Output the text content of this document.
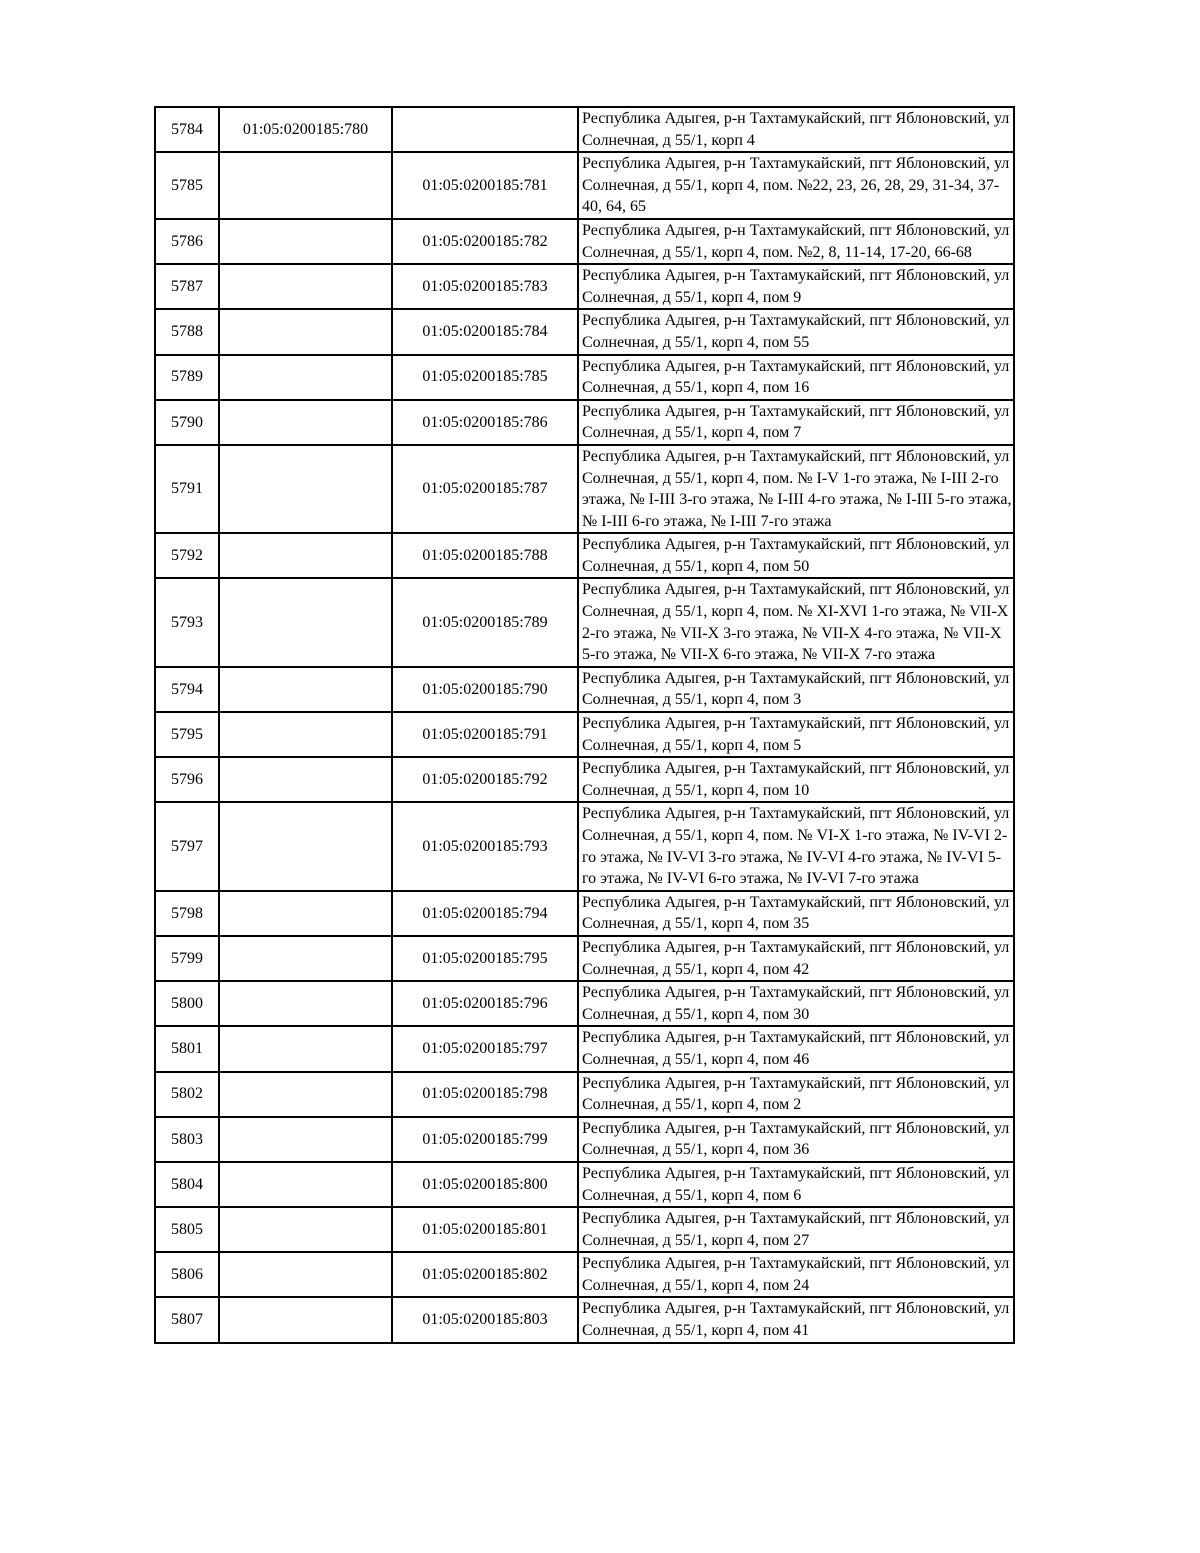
5784	01:05:0200185:780		Республика Адыгея, р-н Тахтамукайский, пгт Яблоновский, ул Солнечная, д 55/1, корп 4
5785		01:05:0200185:781	Республика Адыгея, р-н Тахтамукайский, пгт Яблоновский, ул Солнечная, д 55/1, корп 4, пом. №22, 23, 26, 28, 29, 31-34, 37-40, 64, 65
5786		01:05:0200185:782	Республика Адыгея, р-н Тахтамукайский, пгт Яблоновский, ул Солнечная, д 55/1, корп 4, пом. №2, 8, 11-14, 17-20, 66-68
5787		01:05:0200185:783	Республика Адыгея, р-н Тахтамукайский, пгт Яблоновский, ул Солнечная, д 55/1, корп 4, пом 9
5788		01:05:0200185:784	Республика Адыгея, р-н Тахтамукайский, пгт Яблоновский, ул Солнечная, д 55/1, корп 4, пом 55
5789		01:05:0200185:785	Республика Адыгея, р-н Тахтамукайский, пгт Яблоновский, ул Солнечная, д 55/1, корп 4, пом 16
5790		01:05:0200185:786	Республика Адыгея, р-н Тахтамукайский, пгт Яблоновский, ул Солнечная, д 55/1, корп 4, пом 7
5791		01:05:0200185:787	Республика Адыгея, р-н Тахтамукайский, пгт Яблоновский, ул Солнечная, д 55/1, корп 4, пом. № I-V 1-го этажа, № I-III 2-го этажа, № I-III 3-го этажа, № I-III 4-го этажа, № I-III 5-го этажа,№ I-III 6-го этажа, № I-III 7-го этажа
5792		01:05:0200185:788	Республика Адыгея, р-н Тахтамукайский, пгт Яблоновский, ул Солнечная, д 55/1, корп 4, пом 50
5793		01:05:0200185:789	Республика Адыгея, р-н Тахтамукайский, пгт Яблоновский, ул Солнечная, д 55/1, корп 4, пом. № XI-XVI 1-го этажа, № VII-X 2-го этажа, № VII-X 3-го этажа, № VII-X 4-го этажа, № VII-X 5-го этажа, № VII-X 6-го этажа, № VII-X 7-го этажа
5794		01:05:0200185:790	Республика Адыгея, р-н Тахтамукайский, пгт Яблоновский, ул Солнечная, д 55/1, корп 4, пом 3
5795		01:05:0200185:791	Республика Адыгея, р-н Тахтамукайский, пгт Яблоновский, ул Солнечная, д 55/1, корп 4, пом 5
5796		01:05:0200185:792	Республика Адыгея, р-н Тахтамукайский, пгт Яблоновский, ул Солнечная, д 55/1, корп 4, пом 10
5797		01:05:0200185:793	Республика Адыгея, р-н Тахтамукайский, пгт Яблоновский, ул Солнечная, д 55/1, корп 4, пом. № VI-X 1-го этажа, № IV-VI 2-го этажа, № IV-VI 3-го этажа, № IV-VI 4-го этажа, № IV-VI 5-го этажа, № IV-VI 6-го этажа, № IV-VI 7-го этажа
5798		01:05:0200185:794	Республика Адыгея, р-н Тахтамукайский, пгт Яблоновский, ул Солнечная, д 55/1, корп 4, пом 35
5799		01:05:0200185:795	Республика Адыгея, р-н Тахтамукайский, пгт Яблоновский, ул Солнечная, д 55/1, корп 4, пом 42
5800		01:05:0200185:796	Республика Адыгея, р-н Тахтамукайский, пгт Яблоновский, ул Солнечная, д 55/1, корп 4, пом 30
5801		01:05:0200185:797	Республика Адыгея, р-н Тахтамукайский, пгт Яблоновский, ул Солнечная, д 55/1, корп 4, пом 46
5802		01:05:0200185:798	Республика Адыгея, р-н Тахтамукайский, пгт Яблоновский, ул Солнечная, д 55/1, корп 4, пом 2
5803		01:05:0200185:799	Республика Адыгея, р-н Тахтамукайский, пгт Яблоновский, ул Солнечная, д 55/1, корп 4, пом 36
5804		01:05:0200185:800	Республика Адыгея, р-н Тахтамукайский, пгт Яблоновский, ул Солнечная, д 55/1, корп 4, пом 6
5805		01:05:0200185:801	Республика Адыгея, р-н Тахтамукайский, пгт Яблоновский, ул Солнечная, д 55/1, корп 4, пом 27
5806		01:05:0200185:802	Республика Адыгея, р-н Тахтамукайский, пгт Яблоновский, ул Солнечная, д 55/1, корп 4, пом 24
5807		01:05:0200185:803	Республика Адыгея, р-н Тахтамукайский, пгт Яблоновский, ул Солнечная, д 55/1, корп 4, пом 41
